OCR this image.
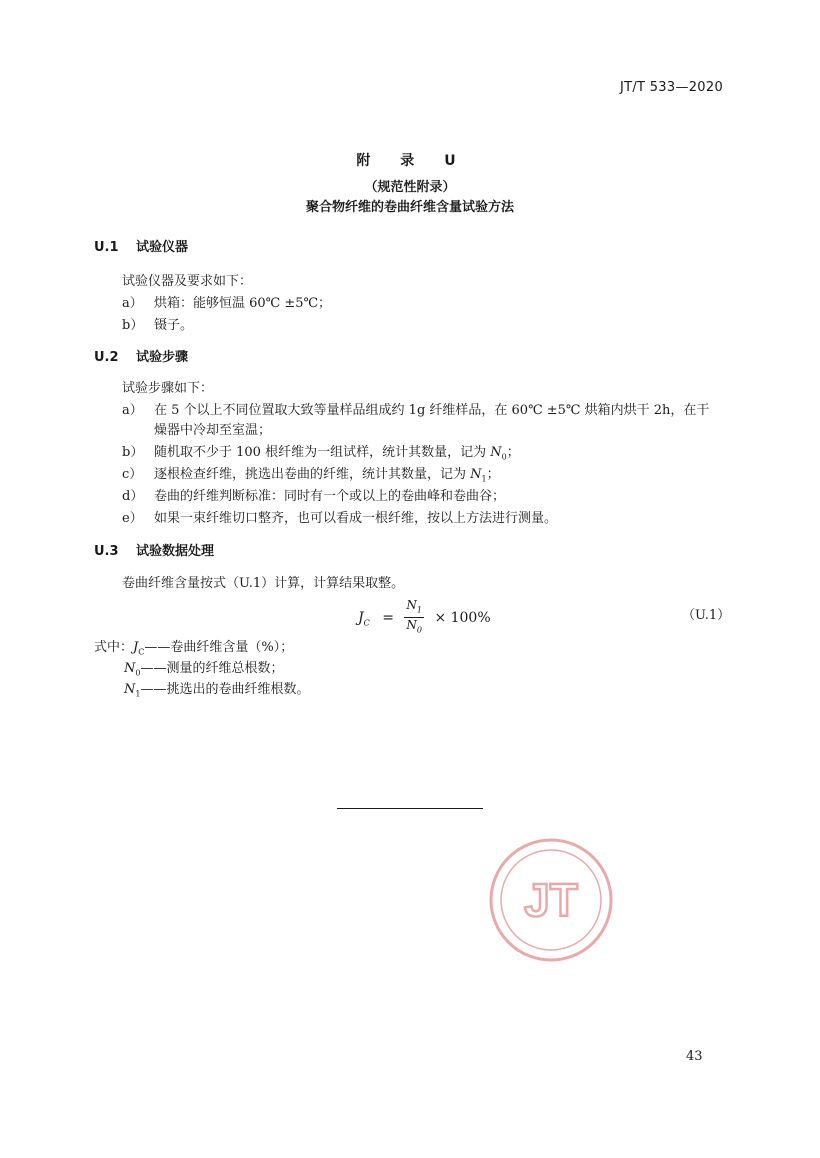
JT/T 533—2020
附　录　U
（规范性附录）
聚合物纤维的卷曲纤维含量试验方法
U.1 试验仪器
试验仪器及要求如下：
a） 烘箱：能够恒温 60℃ ±5℃；
b） 镊子。
U.2 试验步骤
试验步骤如下：
a） 在 5 个以上不同位置取大致等量样品组成约 1g 纤维样品，在 60℃ ±5℃ 烘箱内烘干 2h，在干
燥器中冷却至室温；
b） 随机取不少于 100 根纤维为一组试样，统计其数量，记为 $N_0$；
c） 逐根检查纤维，挑选出卷曲的纤维，统计其数量，记为 $N_1$；
d） 卷曲的纤维判断标准：同时有一个或以上的卷曲峰和卷曲谷；
e） 如果一束纤维切口整齐，也可以看成一根纤维，按以上方法进行测量。
U.3 试验数据处理
卷曲纤维含量按式（U.1）计算，计算结果取整。
$J_C = \frac{N_1}{N_0} \times 100\%$	（U.1）
式中：$J_C——$卷曲纤维含量（%）；
$N_0——$测量的纤维总根数；
$N_1——$挑选出的卷曲纤维根数。
JT
43
